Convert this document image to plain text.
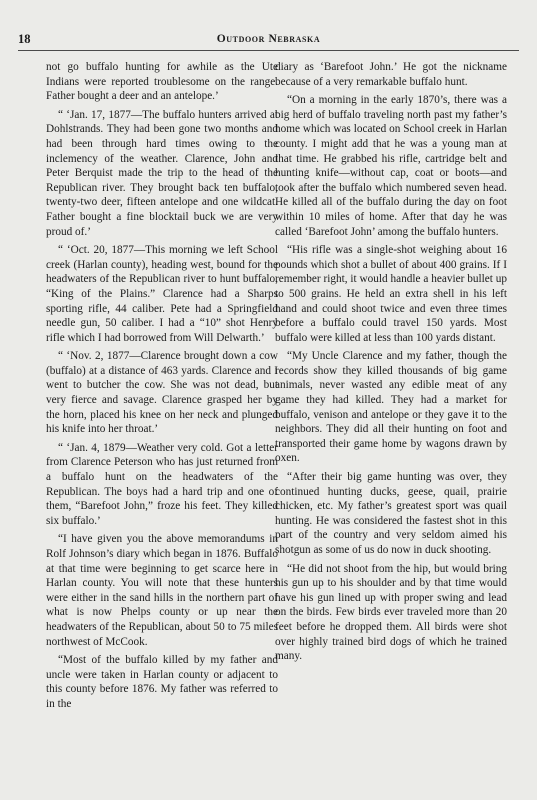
18	Outdoor Nebraska

not go buffalo hunting for awhile as the Ute Indians were reported troublesome on the range. Father bought a deer and an antelope.’

“ ‘Jan. 17, 1877—The buffalo hunters arrived at Dohlstrands. They had been gone two months and had been through hard times owing to the inclemency of the weather. Clarence, John and Peter Berquist made the trip to the head of the Republican river. They brought back ten buffalo, twenty-two deer, fifteen antelope and one wildcat. Father bought a fine blocktail buck we are very proud of.’

“ ‘Oct. 20, 1877—This morning we left School creek (Harlan county), heading west, bound for the headwaters of the Republican river to hunt buffalo, “King of the Plains.” Clarence had a Sharps sporting rifle, 44 caliber. Pete had a Springfield needle gun, 50 caliber. I had a “10” shot Henry rifle which I had borrowed from Will Delwarth.’

“ ‘Nov. 2, 1877—Clarence brought down a cow (buffalo) at a distance of 463 yards. Clarence and I went to butcher the cow. She was not dead, but very fierce and savage. Clarence grasped her by the horn, placed his knee on her neck and plunged his knife into her throat.’

“ ‘Jan. 4, 1879—Weather very cold. Got a letter from Clarence Peterson who has just returned from a buffalo hunt on the headwaters of the Republican. The boys had a hard trip and one of them, “Barefoot John,” froze his feet. They killed six buffalo.’

“I have given you the above memorandums in Rolf Johnson’s diary which began in 1876. Buffalo at that time were beginning to get scarce here in Harlan county. You will note that these hunters were either in the sand hills in the northern part of what is now Phelps county or up near the headwaters of the Republican, about 50 to 75 miles northwest of McCook.

“Most of the buffalo killed by my father and uncle were taken in Harlan county or adjacent to this county before 1876. My father was referred to in the

diary as ‘Barefoot John.’ He got the nickname because of a very remarkable buffalo hunt.

“On a morning in the early 1870’s, there was a big herd of buffalo traveling north past my father’s home which was located on School creek in Harlan county. I might add that he was a young man at that time. He grabbed his rifle, cartridge belt and hunting knife—without cap, coat or boots—and took after the buffalo which numbered seven head. He killed all of the buffalo during the day on foot within 10 miles of home. After that day he was called ‘Barefoot John’ among the buffalo hunters.

“His rifle was a single-shot weighing about 16 pounds which shot a bullet of about 400 grains. If I remember right, it would handle a heavier bullet up to 500 grains. He held an extra shell in his left hand and could shoot twice and even three times before a buffalo could travel 150 yards. Most buffalo were killed at less than 100 yards distant.

“My Uncle Clarence and my father, though the records show they killed thousands of big game animals, never wasted any edible meat of any game they had killed. They had a market for buffalo, venison and antelope or they gave it to the neighbors. They did all their hunting on foot and transported their game home by wagons drawn by oxen.

“After their big game hunting was over, they continued hunting ducks, geese, quail, prairie chicken, etc. My father’s greatest sport was quail hunting. He was considered the fastest shot in this part of the country and very seldom aimed his shotgun as some of us do now in duck shooting.

“He did not shoot from the hip, but would bring his gun up to his shoulder and by that time would have his gun lined up with proper swing and lead on the birds. Few birds ever traveled more than 20 feet before he dropped them. All birds were shot over highly trained bird dogs of which he trained many.
